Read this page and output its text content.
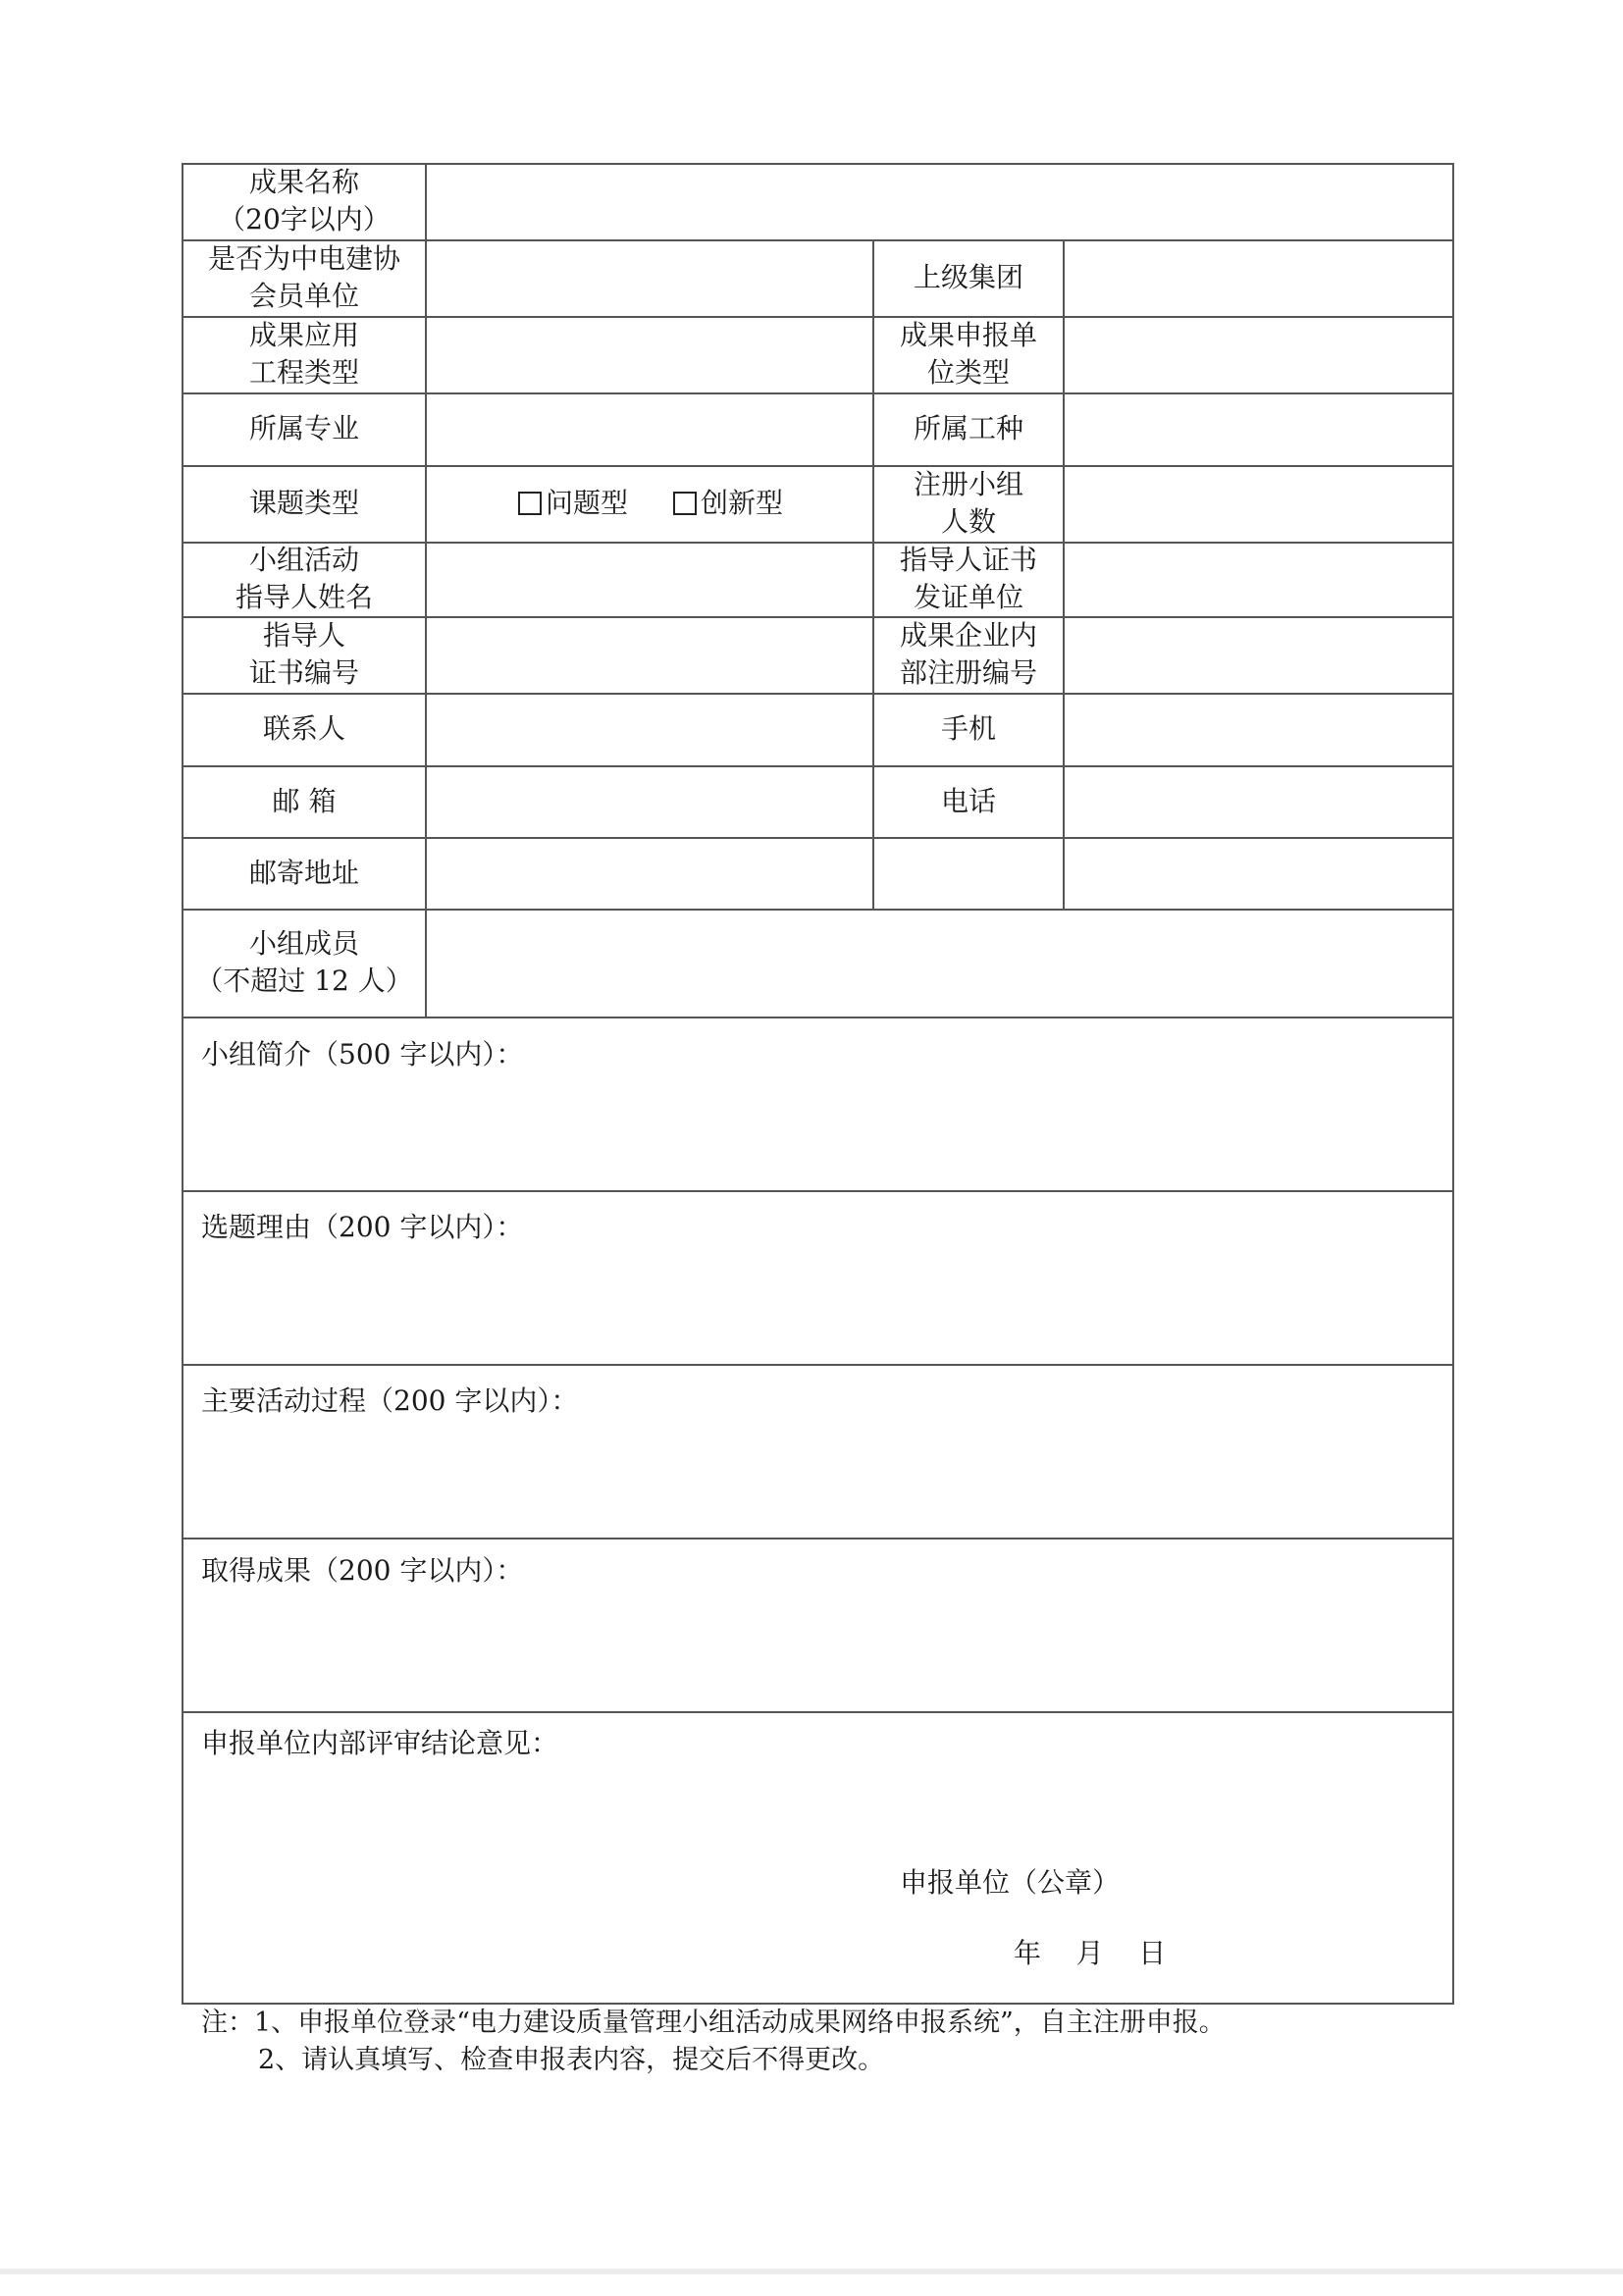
成果名称
（20字以内）
是否为中电建协
会员单位
成果应用
工程类型
所属专业
课题类型
小组活动
指导人姓名
指导人
证书编号
联系人
邮 箱
邮寄地址
小组成员
（不超过 12 人）
上级集团
成果申报单
位类型
所属工种
注册小组
人数
指导人证书
发证单位
成果企业内
部注册编号
手机
电话
问题型	创新型
小组简介（500 字以内）：
选题理由（200 字以内）：
主要活动过程（200 字以内）：
取得成果（200 字以内）：
申报单位内部评审结论意见：
申报单位（公章）
年    月    日
注：1、申报单位登录“电力建设质量管理小组活动成果网络申报系统”，自主注册申报。
2、请认真填写、检查申报表内容，提交后不得更改。
